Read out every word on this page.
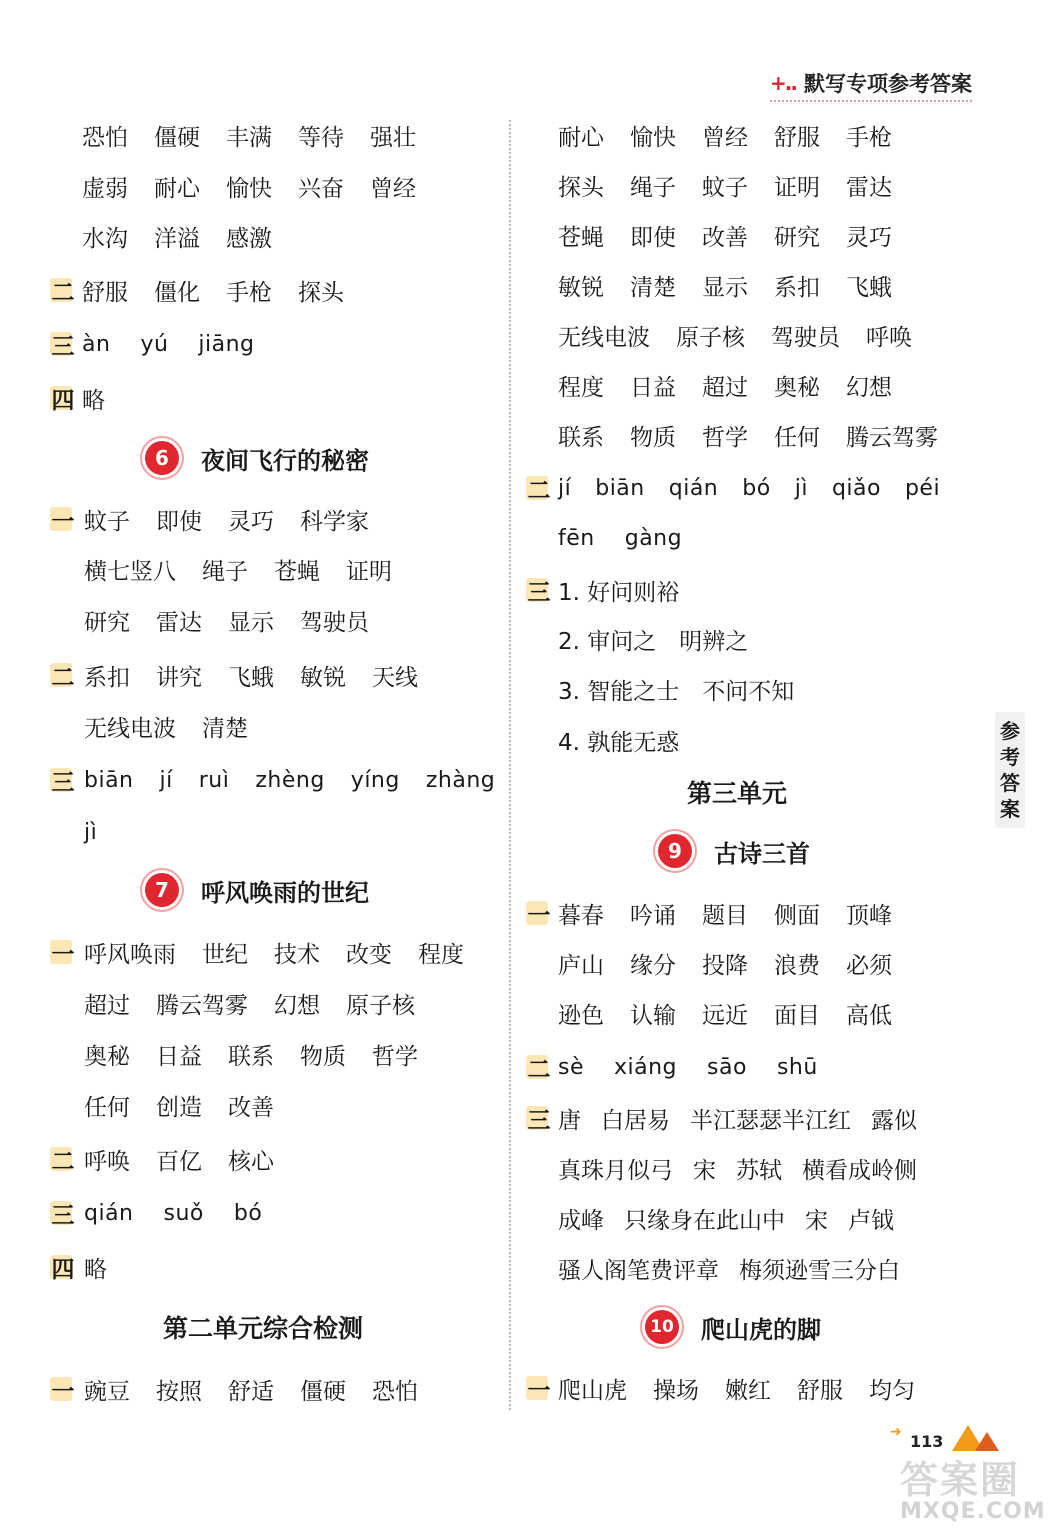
+.. 默写专项参考答案
恐怕 僵硬 丰满 等待 强壮
虚弱 耐心 愉快 兴奋 曾经
水沟 洋溢 感激
二 舒服 僵化 手枪 探头
三 àn yú jiāng
四 略
6	夜间飞行的秘密
一 蚊子 即使 灵巧 科学家
横七竖八 绳子 苍蝇 证明
研究 雷达 显示 驾驶员
二 系扣 讲究 飞蛾 敏锐 天线
无线电波 清楚
三 biān jí ruì zhèng yíng zhàng
jì
7	呼风唤雨的世纪
一 呼风唤雨 世纪 技术 改变 程度
超过 腾云驾雾 幻想 原子核
奥秘 日益 联系 物质 哲学
任何 创造 改善
二 呼唤 百亿 核心
三 qián suǒ bó
四 略
第二单元综合检测
一 豌豆 按照 舒适 僵硬 恐怕
耐心 愉快 曾经 舒服 手枪
探头 绳子 蚊子 证明 雷达
苍蝇 即使 改善 研究 灵巧
敏锐 清楚 显示 系扣 飞蛾
无线电波 原子核 驾驶员 呼唤
程度 日益 超过 奥秘 幻想
联系 物质 哲学 任何 腾云驾雾
二 jí biān qián bó jì qiǎo péi
fēn gàng
三 1. 好问则裕
2. 审问之　明辨之
3. 智能之士　不问不知
4. 孰能无惑
第三单元
9	古诗三首
一 暮春 吟诵 题目 侧面 顶峰
庐山 缘分 投降 浪费 必须
逊色 认输 远近 面目 高低
二 sè xiáng sāo shū
三 唐 白居易 半江瑟瑟半江红 露似
真珠月似弓 宋 苏轼 横看成岭侧
成峰 只缘身在此山中 宋 卢钺
骚人阁笔费评章 梅须逊雪三分白
10 爬山虎的脚
一 爬山虎 操场 嫩红 舒服 均匀
参考答案
➜ 113
答案圈
MXQE.COM
